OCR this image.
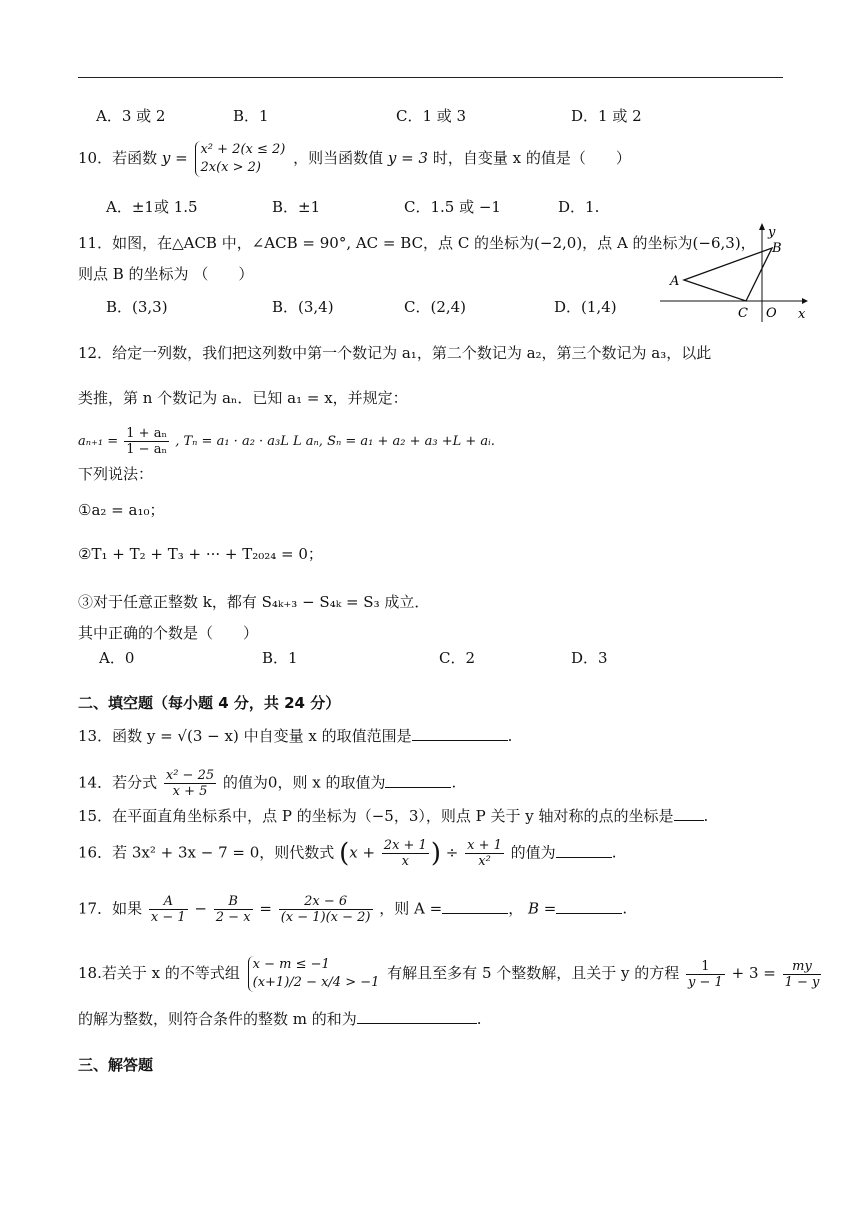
A．3 或 2	B．1	C．1 或 3	D．1 或 2
10．若函数 y = x² + 2(x ≤ 2)
2x(x > 2)
，则当函数值 y = 3 时，自变量 x 的值是（　　）
A．±1或 1.5	B．±1	C．1.5 或 −1	D．1.
11．如图，在△ACB 中，∠ACB = 90°, AC = BC，点 C 的坐标为(−2,0)，点 A 的坐标为(−6,3)，
则点 B 的坐标为 （　　）
B．(3,3)	B．(3,4)	C．(2,4)	D．(1,4)
y
x
A
B
C O
12．给定一列数，我们把这列数中第一个数记为 a₁，第二个数记为 a₂，第三个数记为 a₃，以此
类推，第 n 个数记为 aₙ．已知 a₁ = x，并规定：
$a_{n+1} = \frac{\text{1 + aₙ}}{\text{1 − aₙ}}$ , Tₙ = a₁ · a₂ · a₃L L aₙ, Sₙ = a₁ + a₂ + a₃ +L + aᵢ.
下列说法：
①a₂ = a₁₀；
②T₁ + T₂ + T₃ + ··· + T₂₀₂₄ = 0；
③对于任意正整数 k，都有 S₄ₖ₊₃ − S₄ₖ = S₃ 成立．
其中正确的个数是（　　）
A．0	B．1	C．2	D．3
二、填空题（每小题 4 分，共 24 分）
13．函数 y = √(3 − x) 中自变量 x 的取值范围是	.
14．若分式 $\frac{\text{x² − 25}}{x + 5}$ 的值为0，则 x 的取值为	.
15．在平面直角坐标系中，点 P 的坐标为（−5，3），则点 P 关于 y 轴对称的点的坐标是 .
16．若 3x² + 3x − 7 = 0，则代数式 ($x + \frac{2x + 1}{x}$ ) ÷ $\frac{x + 1}{\text{x²}}$ 的值为	.
17．如果 $\frac{A}{x - 1} - \frac{B}{2 - x} = \frac{2x - 6}{(x - 1)(x - 2)}$ ，则 A =	， B =	.
18.若关于 x 的不等式组 x − m ≤ −1
(x+1)/2 − x/4 > −1
有解且至多有 5 个整数解，且关于 y 的方程 $\frac{1}{y - 1} + 3 = \frac{my}{1 - y}$
的解为整数，则符合条件的整数 m 的和为	.
三、解答题
